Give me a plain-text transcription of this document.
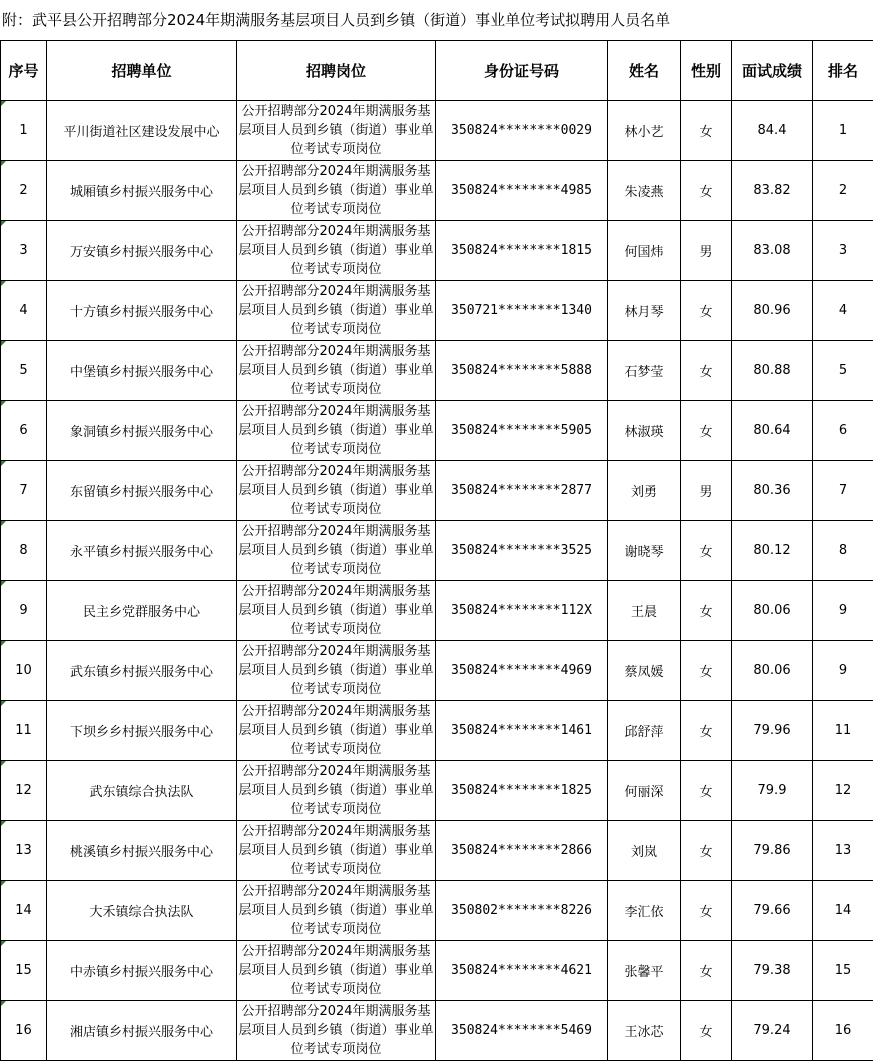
附：武平县公开招聘部分2024年期满服务基层项目人员到乡镇（街道）事业单位考试拟聘用人员名单
序号	招聘单位	招聘岗位	身份证号码	姓名	性别	面试成绩	排名
1	平川街道社区建设发展中心	公开招聘部分2024年期满服务基层项目人员到乡镇（街道）事业单位考试专项岗位	350824********0029	林小艺	女	84.4	1
2	城厢镇乡村振兴服务中心	公开招聘部分2024年期满服务基层项目人员到乡镇（街道）事业单位考试专项岗位	350824********4985	朱凌燕	女	83.82	2
3	万安镇乡村振兴服务中心	公开招聘部分2024年期满服务基层项目人员到乡镇（街道）事业单位考试专项岗位	350824********1815	何国炜	男	83.08	3
4	十方镇乡村振兴服务中心	公开招聘部分2024年期满服务基层项目人员到乡镇（街道）事业单位考试专项岗位	350721********1340	林月琴	女	80.96	4
5	中堡镇乡村振兴服务中心	公开招聘部分2024年期满服务基层项目人员到乡镇（街道）事业单位考试专项岗位	350824********5888	石梦莹	女	80.88	5
6	象洞镇乡村振兴服务中心	公开招聘部分2024年期满服务基层项目人员到乡镇（街道）事业单位考试专项岗位	350824********5905	林淑瑛	女	80.64	6
7	东留镇乡村振兴服务中心	公开招聘部分2024年期满服务基层项目人员到乡镇（街道）事业单位考试专项岗位	350824********2877	刘勇	男	80.36	7
8	永平镇乡村振兴服务中心	公开招聘部分2024年期满服务基层项目人员到乡镇（街道）事业单位考试专项岗位	350824********3525	谢晓琴	女	80.12	8
9	民主乡党群服务中心	公开招聘部分2024年期满服务基层项目人员到乡镇（街道）事业单位考试专项岗位	350824********112X	王晨	女	80.06	9
10	武东镇乡村振兴服务中心	公开招聘部分2024年期满服务基层项目人员到乡镇（街道）事业单位考试专项岗位	350824********4969	蔡凤媛	女	80.06	9
11	下坝乡乡村振兴服务中心	公开招聘部分2024年期满服务基层项目人员到乡镇（街道）事业单位考试专项岗位	350824********1461	邱舒萍	女	79.96	11
12	武东镇综合执法队	公开招聘部分2024年期满服务基层项目人员到乡镇（街道）事业单位考试专项岗位	350824********1825	何丽深	女	79.9	12
13	桃溪镇乡村振兴服务中心	公开招聘部分2024年期满服务基层项目人员到乡镇（街道）事业单位考试专项岗位	350824********2866	刘岚	女	79.86	13
14	大禾镇综合执法队	公开招聘部分2024年期满服务基层项目人员到乡镇（街道）事业单位考试专项岗位	350802********8226	李汇依	女	79.66	14
15	中赤镇乡村振兴服务中心	公开招聘部分2024年期满服务基层项目人员到乡镇（街道）事业单位考试专项岗位	350824********4621	张馨平	女	79.38	15
16	湘店镇乡村振兴服务中心	公开招聘部分2024年期满服务基层项目人员到乡镇（街道）事业单位考试专项岗位	350824********5469	王冰芯	女	79.24	16
